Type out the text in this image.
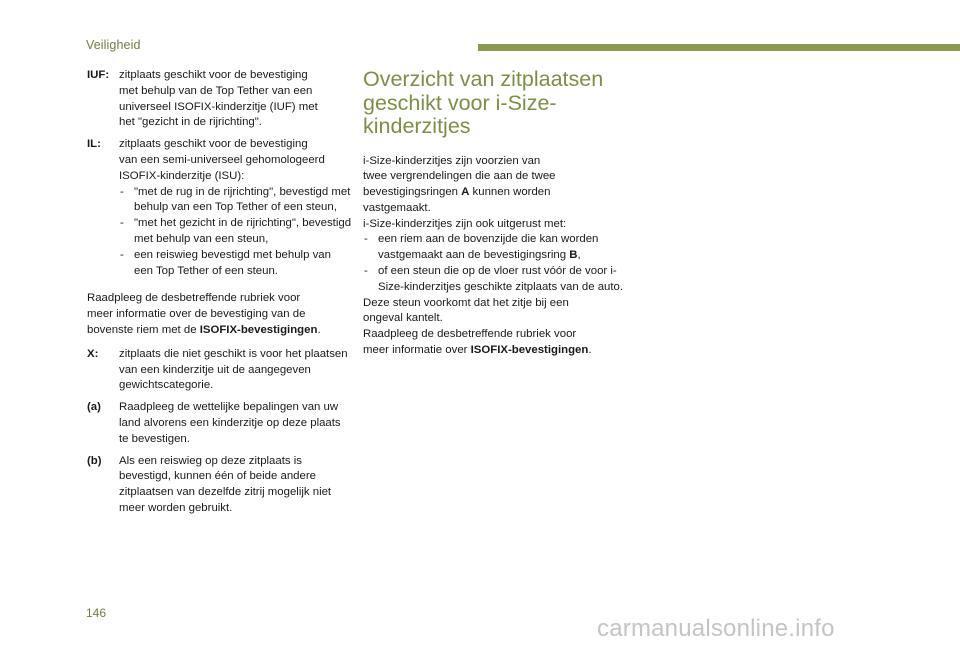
Veiligheid
IUF: zitplaats geschikt voor de bevestiging
met behulp van de Top Tether van een
universeel ISOFIX-kinderzitje (IUF) met
het "gezicht in de rijrichting".
IL:	zitplaats geschikt voor de bevestiging
van een semi-universeel gehomologeerd
ISOFIX-kinderzitje (ISU):
- "met de rug in de rijrichting", bevestigd met behulp van een Top Tether of een steun,
- "met het gezicht in de rijrichting", bevestigd met behulp van een steun,
- een reiswieg bevestigd met behulp van een Top Tether of een steun.

Raadpleeg de desbetreffende rubriek voor
meer informatie over de bevestiging van de
bovenste riem met de ISOFIX-bevestigingen.

X:	zitplaats die niet geschikt is voor het plaatsen van een kinderzitje uit de aangegeven gewichtscategorie.
(a)	Raadpleeg de wettelijke bepalingen van uw land alvorens een kinderzitje op deze plaats te bevestigen.
(b)	Als een reiswieg op deze zitplaats is bevestigd, kunnen één of beide andere zitplaatsen van dezelfde zitrij mogelijk niet meer worden gebruikt.
Overzicht van zitplaatsen
geschikt voor i-Size-
kinderzitjes
i-Size-kinderzitjes zijn voorzien van
twee vergrendelingen die aan de twee
bevestigingsringen A kunnen worden
vastgemaakt.
i-Size-kinderzitjes zijn ook uitgerust met:
- een riem aan de bovenzijde die kan worden
vastgemaakt aan de bevestigingsring B,
- of een steun die op de vloer rust vóór de voor i-Size-kinderzitjes geschikte zitplaats van de auto.
Deze steun voorkomt dat het zitje bij een
ongeval kantelt.
Raadpleeg de desbetreffende rubriek voor
meer informatie over ISOFIX-bevestigingen.
146
carmanualsonline.info
